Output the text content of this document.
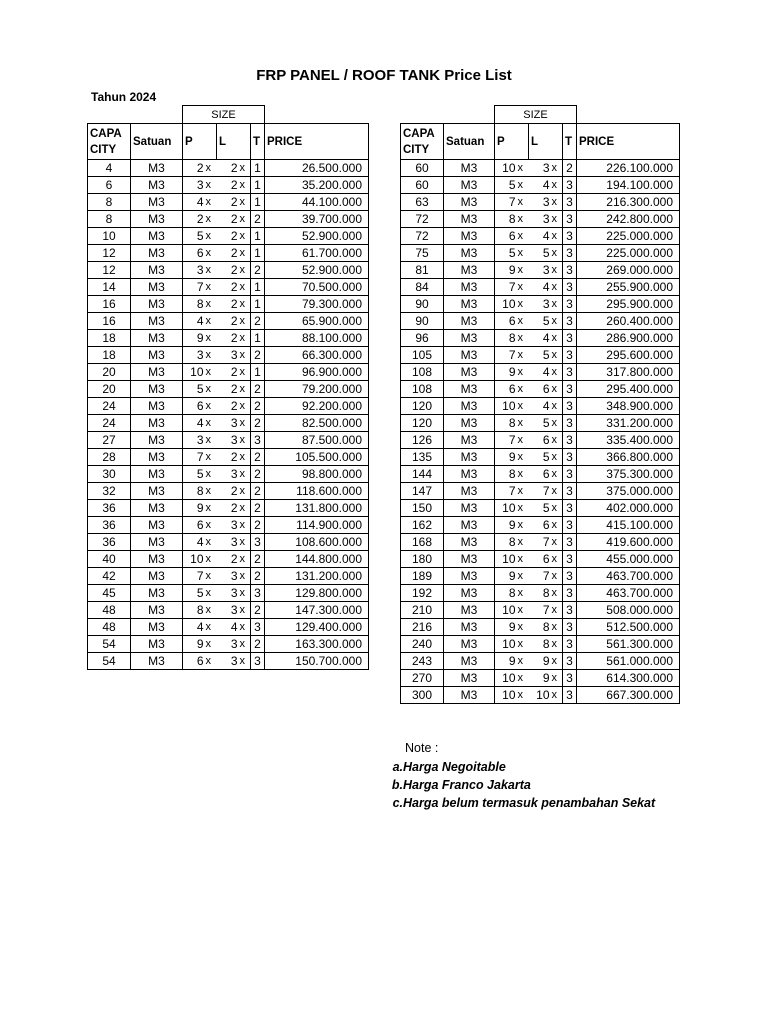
FRP PANEL / ROOF TANK Price List
Tahun 2024
		SIZE					
CAPA
CITY	Satuan	P		L		T	PRICE
4	M3	2	x	2	x	1	26.500.000
6	M3	3	x	2	x	1	35.200.000
8	M3	4	x	2	x	1	44.100.000
8	M3	2	x	2	x	2	39.700.000
10	M3	5	x	2	x	1	52.900.000
12	M3	6	x	2	x	1	61.700.000
12	M3	3	x	2	x	2	52.900.000
14	M3	7	x	2	x	1	70.500.000
16	M3	8	x	2	x	1	79.300.000
16	M3	4	x	2	x	2	65.900.000
18	M3	9	x	2	x	1	88.100.000
18	M3	3	x	3	x	2	66.300.000
20	M3	10	x	2	x	1	96.900.000
20	M3	5	x	2	x	2	79.200.000
24	M3	6	x	2	x	2	92.200.000
24	M3	4	x	3	x	2	82.500.000
27	M3	3	x	3	x	3	87.500.000
28	M3	7	x	2	x	2	105.500.000
30	M3	5	x	3	x	2	98.800.000
32	M3	8	x	2	x	2	118.600.000
36	M3	9	x	2	x	2	131.800.000
36	M3	6	x	3	x	2	114.900.000
36	M3	4	x	3	x	3	108.600.000
40	M3	10	x	2	x	2	144.800.000
42	M3	7	x	3	x	2	131.200.000
45	M3	5	x	3	x	3	129.800.000
48	M3	8	x	3	x	2	147.300.000
48	M3	4	x	4	x	3	129.400.000
54	M3	9	x	3	x	2	163.300.000
54	M3	6	x	3	x	3	150.700.000
		SIZE					
CAPA
CITY	Satuan	P		L		T	PRICE
60	M3	10	x	3	x	2	226.100.000
60	M3	5	x	4	x	3	194.100.000
63	M3	7	x	3	x	3	216.300.000
72	M3	8	x	3	x	3	242.800.000
72	M3	6	x	4	x	3	225.000.000
75	M3	5	x	5	x	3	225.000.000
81	M3	9	x	3	x	3	269.000.000
84	M3	7	x	4	x	3	255.900.000
90	M3	10	x	3	x	3	295.900.000
90	M3	6	x	5	x	3	260.400.000
96	M3	8	x	4	x	3	286.900.000
105	M3	7	x	5	x	3	295.600.000
108	M3	9	x	4	x	3	317.800.000
108	M3	6	x	6	x	3	295.400.000
120	M3	10	x	4	x	3	348.900.000
120	M3	8	x	5	x	3	331.200.000
126	M3	7	x	6	x	3	335.400.000
135	M3	9	x	5	x	3	366.800.000
144	M3	8	x	6	x	3	375.300.000
147	M3	7	x	7	x	3	375.000.000
150	M3	10	x	5	x	3	402.000.000
162	M3	9	x	6	x	3	415.100.000
168	M3	8	x	7	x	3	419.600.000
180	M3	10	x	6	x	3	455.000.000
189	M3	9	x	7	x	3	463.700.000
192	M3	8	x	8	x	3	463.700.000
210	M3	10	x	7	x	3	508.000.000
216	M3	9	x	8	x	3	512.500.000
240	M3	10	x	8	x	3	561.300.000
243	M3	9	x	9	x	3	561.000.000
270	M3	10	x	9	x	3	614.300.000
300	M3	10	x	10	x	3	667.300.000
Note :
a. Harga Negoitable
b. Harga Franco Jakarta
c. Harga belum termasuk penambahan Sekat
